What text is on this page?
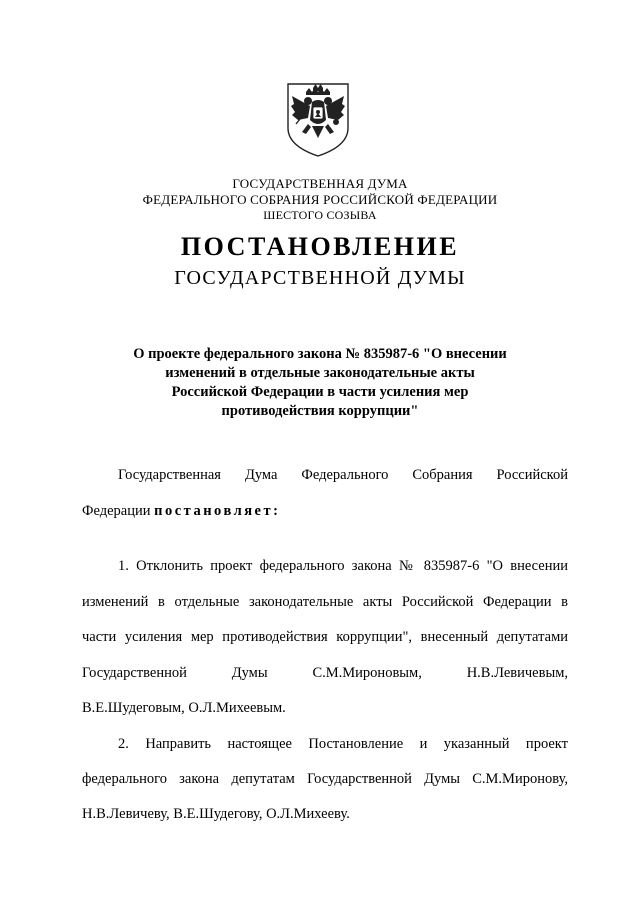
ГОСУДАРСТВЕННАЯ ДУМА
ФЕДЕРАЛЬНОГО СОБРАНИЯ РОССИЙСКОЙ ФЕДЕРАЦИИ
ШЕСТОГО СОЗЫВА
ПОСТАНОВЛЕНИЕ
ГОСУДАРСТВЕННОЙ ДУМЫ
О проекте федерального закона № 835987-6 "О внесении
изменений в отдельные законодательные акты
Российской Федерации в части усиления мер
противодействия коррупции"
Государственная Дума Федерального Собрания Российской
Федерации постановляет:
1. Отклонить проект федерального закона № 835987-6 "О внесении
изменений в отдельные законодательные акты Российской Федерации в
части усиления мер противодействия коррупции", внесенный депутатами
Государственной Думы С.М.Мироновым, Н.В.Левичевым,
В.Е.Шудеговым, О.Л.Михеевым.
2. Направить настоящее Постановление и указанный проект
федерального закона депутатам Государственной Думы С.М.Миронову,
Н.В.Левичеву, В.Е.Шудегову, О.Л.Михееву.
